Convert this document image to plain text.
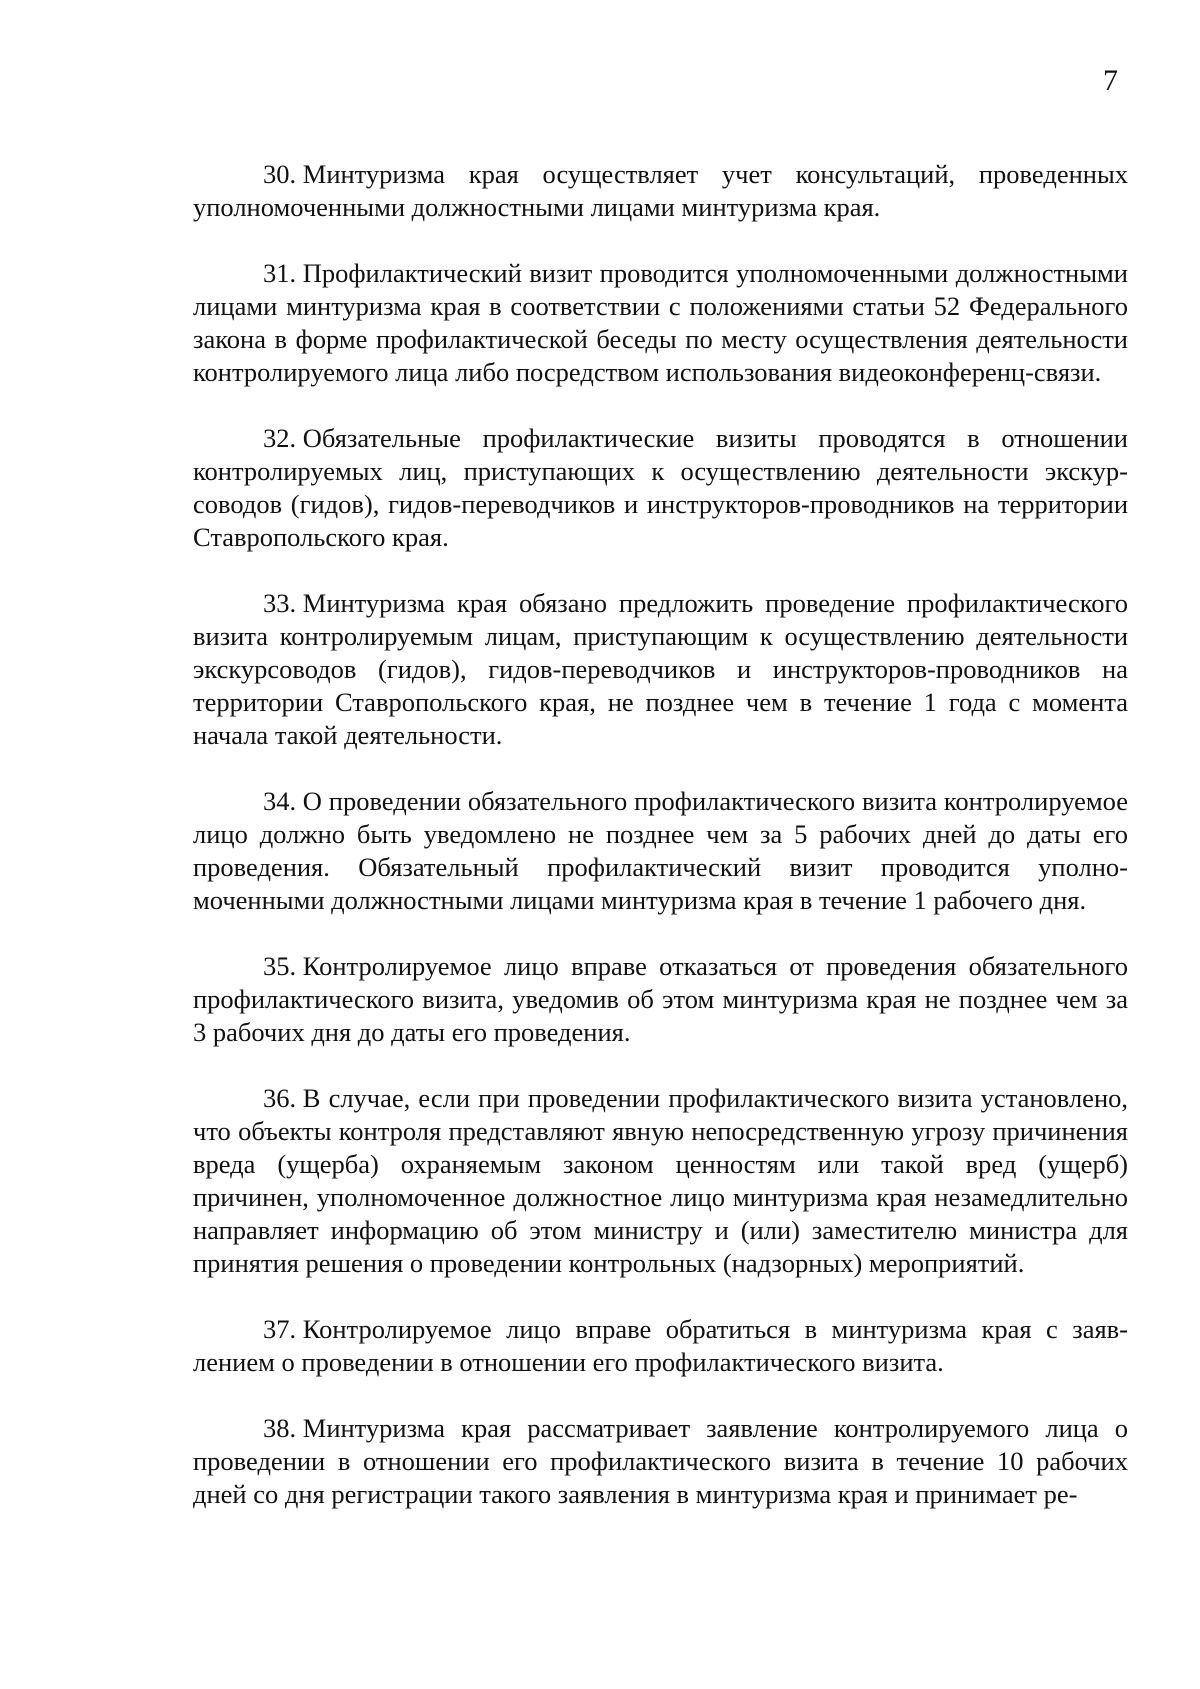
7

30. Минтуризма края осуществляет учет консультаций, проведенных уполномоченными должностными лицами минтуризма края.

31. Профилактический визит проводится уполномоченными должностными лицами минтуризма края в соответствии с положениями статьи 52 Федерального закона в форме профилактической беседы по месту осуществления деятельности контролируемого лица либо посредством использования видеоконференц-связи.

32. Обязательные профилактические визиты проводятся в отношении контролируемых лиц, приступающих к осуществлению деятельности экскурсоводов (гидов), гидов-переводчиков и инструкторов-проводников на территории Ставропольского края.

33. Минтуризма края обязано предложить проведение профилактического визита контролируемым лицам, приступающим к осуществлению деятельности экскурсоводов (гидов), гидов-переводчиков и инструкторов-проводников на территории Ставропольского края, не позднее чем в течение 1 года с момента начала такой деятельности.

34. О проведении обязательного профилактического визита контролируемое лицо должно быть уведомлено не позднее чем за 5 рабочих дней до даты его проведения. Обязательный профилактический визит проводится уполномоченными должностными лицами минтуризма края в течение 1 рабочего дня.

35. Контролируемое лицо вправе отказаться от проведения обязательного профилактического визита, уведомив об этом минтуризма края не позднее чем за 3 рабочих дня до даты его проведения.

36. В случае, если при проведении профилактического визита установлено, что объекты контроля представляют явную непосредственную угрозу причинения вреда (ущерба) охраняемым законом ценностям или такой вред (ущерб) причинен, уполномоченное должностное лицо минтуризма края незамедлительно направляет информацию об этом министру и (или) заместителю министра для принятия решения о проведении контрольных (надзорных) мероприятий.

37. Контролируемое лицо вправе обратиться в минтуризма края с заявлением о проведении в отношении его профилактического визита.

38. Минтуризма края рассматривает заявление контролируемого лица о проведении в отношении его профилактического визита в течение 10 рабочих дней со дня регистрации такого заявления в минтуризма края и принимает ре-
